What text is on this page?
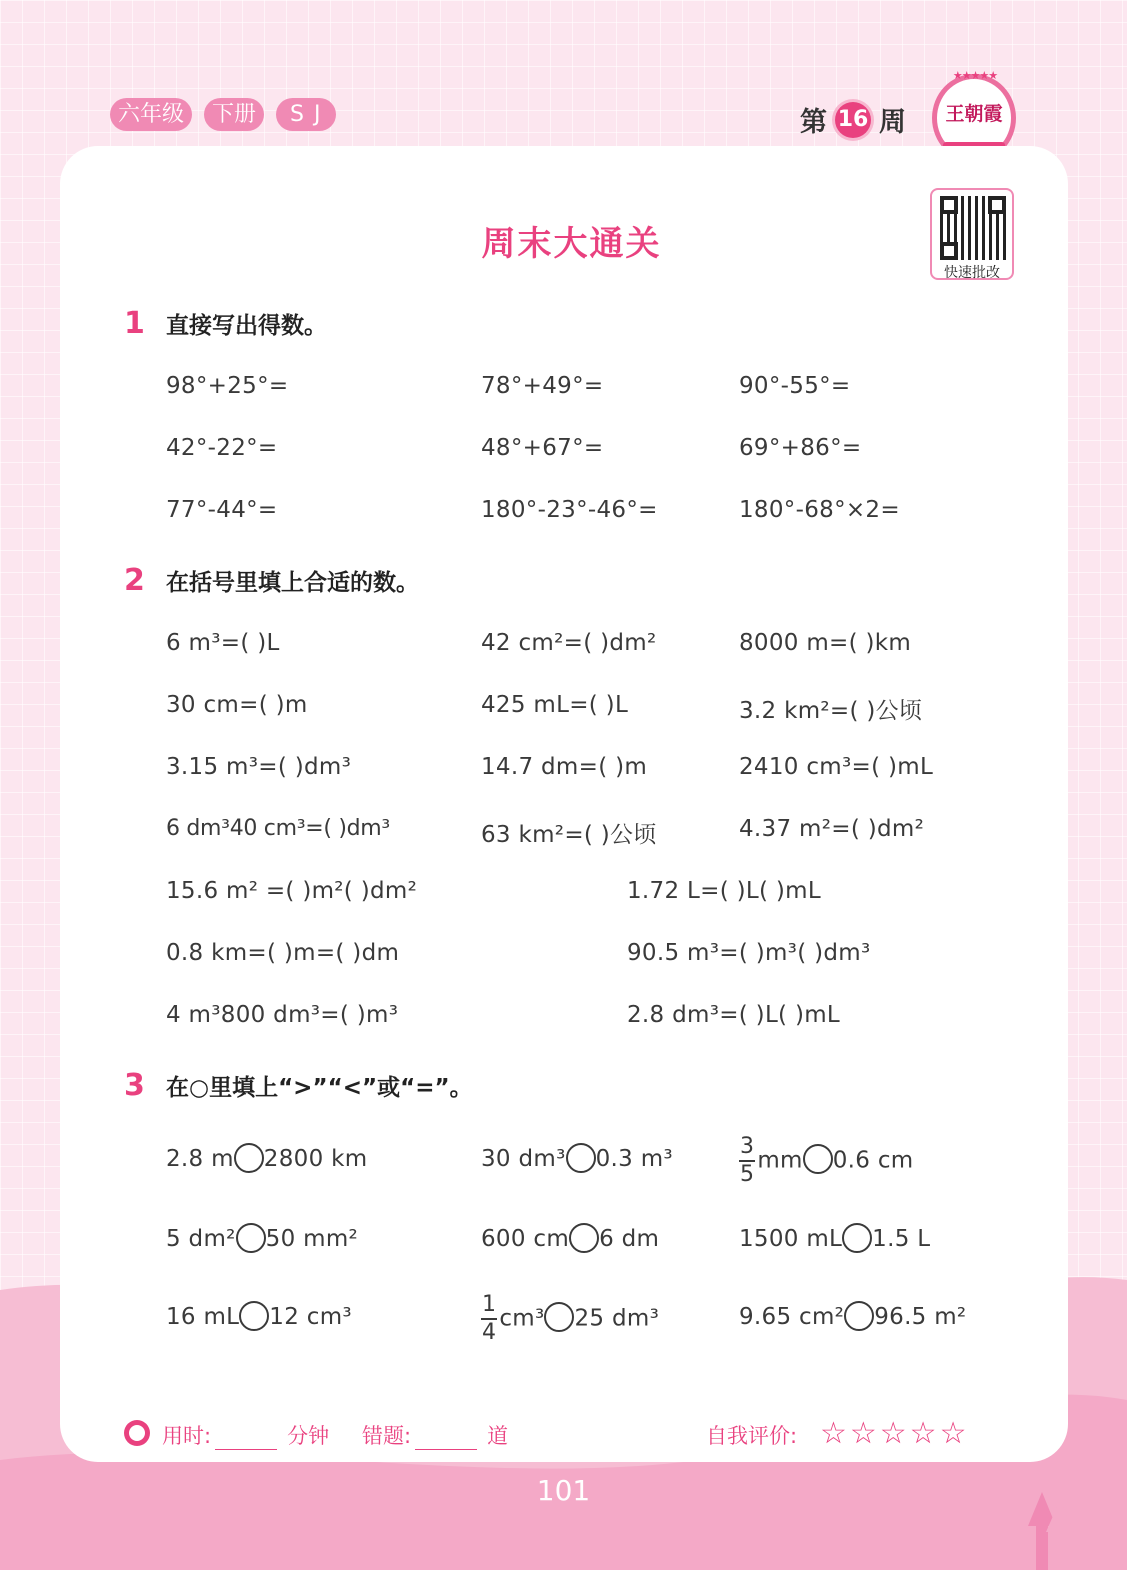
六年级	下册	SJ	第 16 周
★★★★★
王朝霞
周末大通关
快速批改
1 直接写出得数。
98°+25°=	78°+49°=	90°-55°=
42°-22°=	48°+67°=	69°+86°=
77°-44°=	180°-23°-46°=	180°-68°×2=
2 在括号里填上合适的数。
6 m³=( )L	42 cm²=( )dm²	8000 m=( )km
30 cm=( )m	425 mL=( )L	3.2 km²=( )公顷
3.15 m³=( )dm³	14.7 dm=( )m	2410 cm³=( )mL
6 dm³40 cm³=( )dm³	63 km²=( )公顷	4.37 m²=( )dm²
15.6 m² =( )m²( )dm²	1.72 L=( )L( )mL
0.8 km=( )m=( )dm	90.5 m³=( )m³( )dm³
4 m³800 dm³=( )m³	2.8 dm³=( )L( )mL
3 在○里填上“>”“<”或“=”。
2.8 m 2800 km	30 dm³ 0.3 m³	$\frac{3}{5}$ mm 0.6 cm
5 dm² 50 mm²	600 cm 6 dm	1500 mL 1.5 L
16 mL 12 cm³	$\frac{1}{4} cm^3$ 25 dm³	9.65 cm² 96.5 m²
用时:	分钟 错题:	道	自我评价: ☆☆☆☆☆
101
